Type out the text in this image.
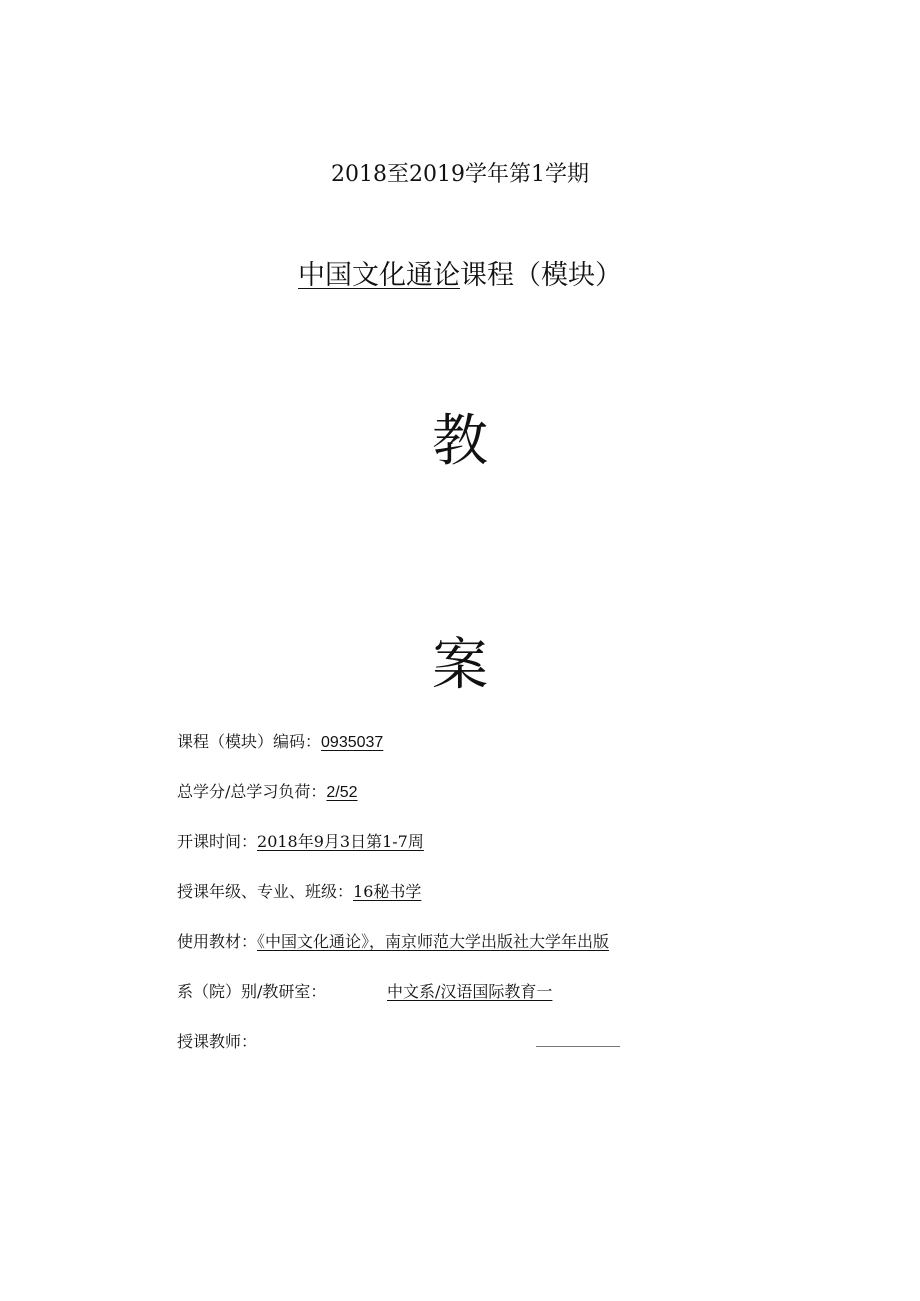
2018至2019学年第1学期
中国文化通论课程（模块）
教
案
课程（模块）编码：0935037
总学分/总学习负荷：2/52
开课时间：2018年9月3日第1-7周
授课年级、专业、班级：16秘书学
使用教材：《中国文化通论》，南京师范大学出版社大学年出版
系（院）别/教研室：	中文系/汉语国际教育一
授课教师：
